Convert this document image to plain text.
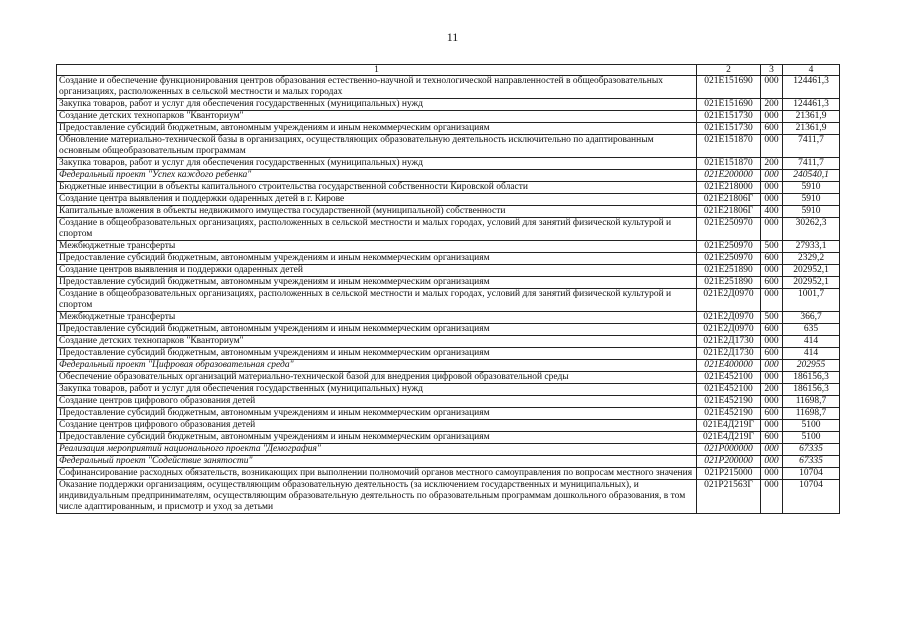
11
1	2	3	4
Создание и обеспечение функционирования центров образования естественно-научной и технологической направленностей в общеобразовательных организациях, расположенных в сельской местности и малых городах	021E151690	000	124461,3
Закупка товаров, работ и услуг для обеспечения государственных (муниципальных) нужд	021E151690	200	124461,3
Создание детских технопарков "Кванториум"	021E151730	000	21361,9
Предоставление субсидий бюджетным, автономным учреждениям и иным некоммерческим организациям	021E151730	600	21361,9
Обновление материально-технической базы в организациях, осуществляющих образовательную деятельность исключительно по адаптированным основным общеобразовательным программам	021E151870	000	7411,7
Закупка товаров, работ и услуг для обеспечения государственных (муниципальных) нужд	021E151870	200	7411,7
Федеральный проект "Успех каждого ребенка"	021E200000	000	240540,1
Бюджетные инвестиции в объекты капитального строительства государственной собственности Кировской области	021E218000	000	5910
Создание центра выявления и поддержки одаренных детей в г. Кирове	021E21806Г	000	5910
Капитальные вложения в объекты недвижимого имущества государственной (муниципальной) собственности	021E21806Г	400	5910
Создание в общеобразовательных организациях, расположенных в сельской местности и малых городах, условий для занятий физической культурой и спортом	021E250970	000	30262,3
Межбюджетные трансферты	021E250970	500	27933,1
Предоставление субсидий бюджетным, автономным учреждениям и иным некоммерческим организациям	021E250970	600	2329,2
Создание центров выявления и поддержки одаренных детей	021E251890	000	202952,1
Предоставление субсидий бюджетным, автономным учреждениям и иным некоммерческим организациям	021E251890	600	202952,1
Создание в общеобразовательных организациях, расположенных в сельской местности и малых городах, условий для занятий физической культурой и спортом	021E2Д0970	000	1001,7
Межбюджетные трансферты	021E2Д0970	500	366,7
Предоставление субсидий бюджетным, автономным учреждениям и иным некоммерческим организациям	021E2Д0970	600	635
Создание детских технопарков "Кванториум"	021E2Д1730	000	414
Предоставление субсидий бюджетным, автономным учреждениям и иным некоммерческим организациям	021E2Д1730	600	414
Федеральный проект "Цифровая образовательная среда"	021E400000	000	202955
Обеспечение образовательных организаций материально-технической базой для внедрения цифровой образовательной среды	021E452100	000	186156,3
Закупка товаров, работ и услуг для обеспечения государственных (муниципальных) нужд	021E452100	200	186156,3
Создание центров цифрового образования детей	021E452190	000	11698,7
Предоставление субсидий бюджетным, автономным учреждениям и иным некоммерческим организациям	021E452190	600	11698,7
Создание центров цифрового образования детей	021E4Д219Г	000	5100
Предоставление субсидий бюджетным, автономным учреждениям и иным некоммерческим организациям	021E4Д219Г	600	5100
Реализация мероприятий национального проекта "Демография"	021P000000	000	67335
Федеральный проект "Содействие занятости"	021P200000	000	67335
Софинансирование расходных обязательств, возникающих при выполнении полномочий органов местного самоуправления по вопросам местного значения	021P215000	000	10704
Оказание поддержки организациям, осуществляющим образовательную деятельность (за исключением государственных и муниципальных), и индивидуальным предпринимателям, осуществляющим образовательную деятельность по образовательным программам дошкольного образования, в том числе адаптированным, и присмотр и уход за детьми	021P21563Г	000	10704
